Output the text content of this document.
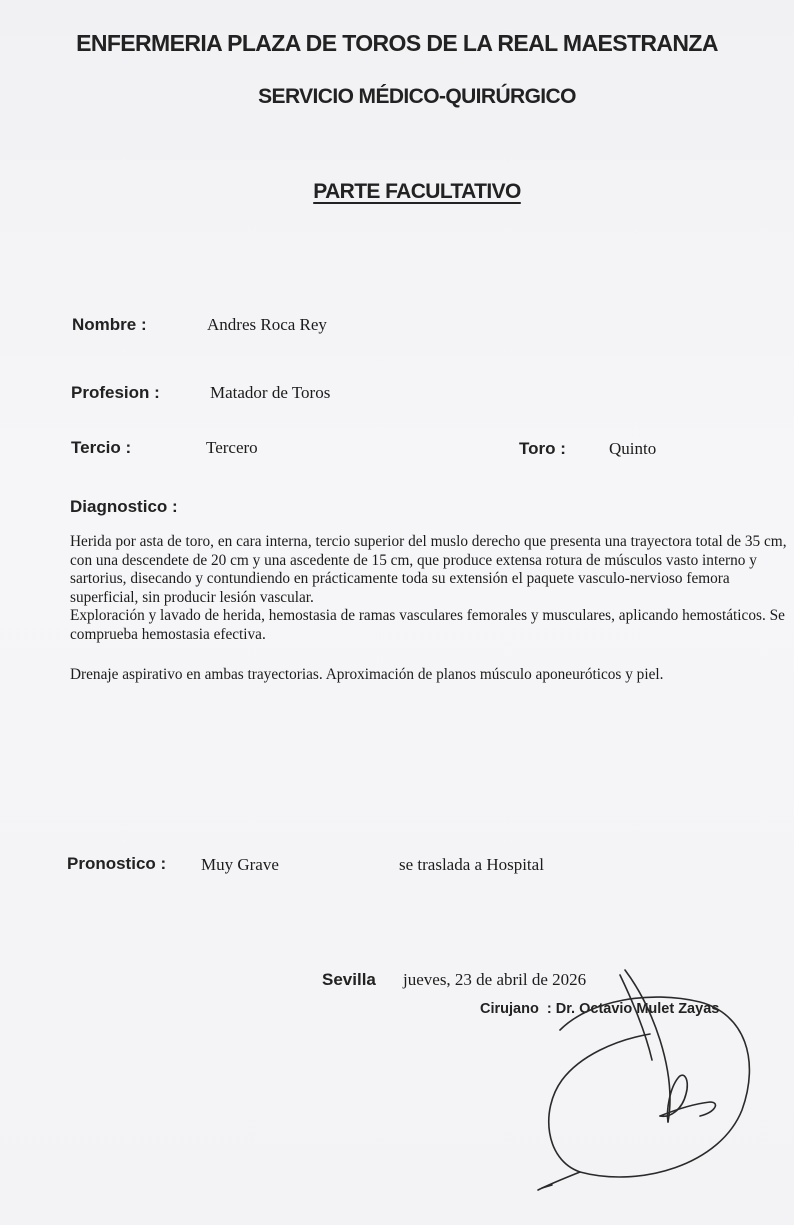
ENFERMERIA PLAZA DE TOROS DE LA REAL MAESTRANZA
SERVICIO MÉDICO-QUIRÚRGICO
PARTE FACULTATIVO
Nombre :	Andres Roca Rey
Profesion :	Matador de Toros
Tercio :	Tercero	Toro :	Quinto
Diagnostico :

Herida por asta de toro, en cara interna, tercio superior del muslo derecho que presenta una trayectora total de 35 cm, con una descendete de 20 cm y una ascedente de 15 cm, que produce extensa rotura de músculos vasto interno y sartorius, disecando y contundiendo en prácticamente toda su extensión el paquete vasculo-nervioso femora superficial, sin producir lesión vascular.

Exploración y lavado de herida, hemostasia de ramas vasculares femorales y musculares, aplicando hemostáticos. Se comprueba hemostasia efectiva.

Drenaje aspirativo en ambas trayectorias. Aproximación de planos músculo aponeuróticos y piel.

Pronostico : Muy Grave	se traslada a Hospital
Sevilla jueves, 23 de abril de 2026
Cirujano : Dr. Octavio Mulet Zayas
